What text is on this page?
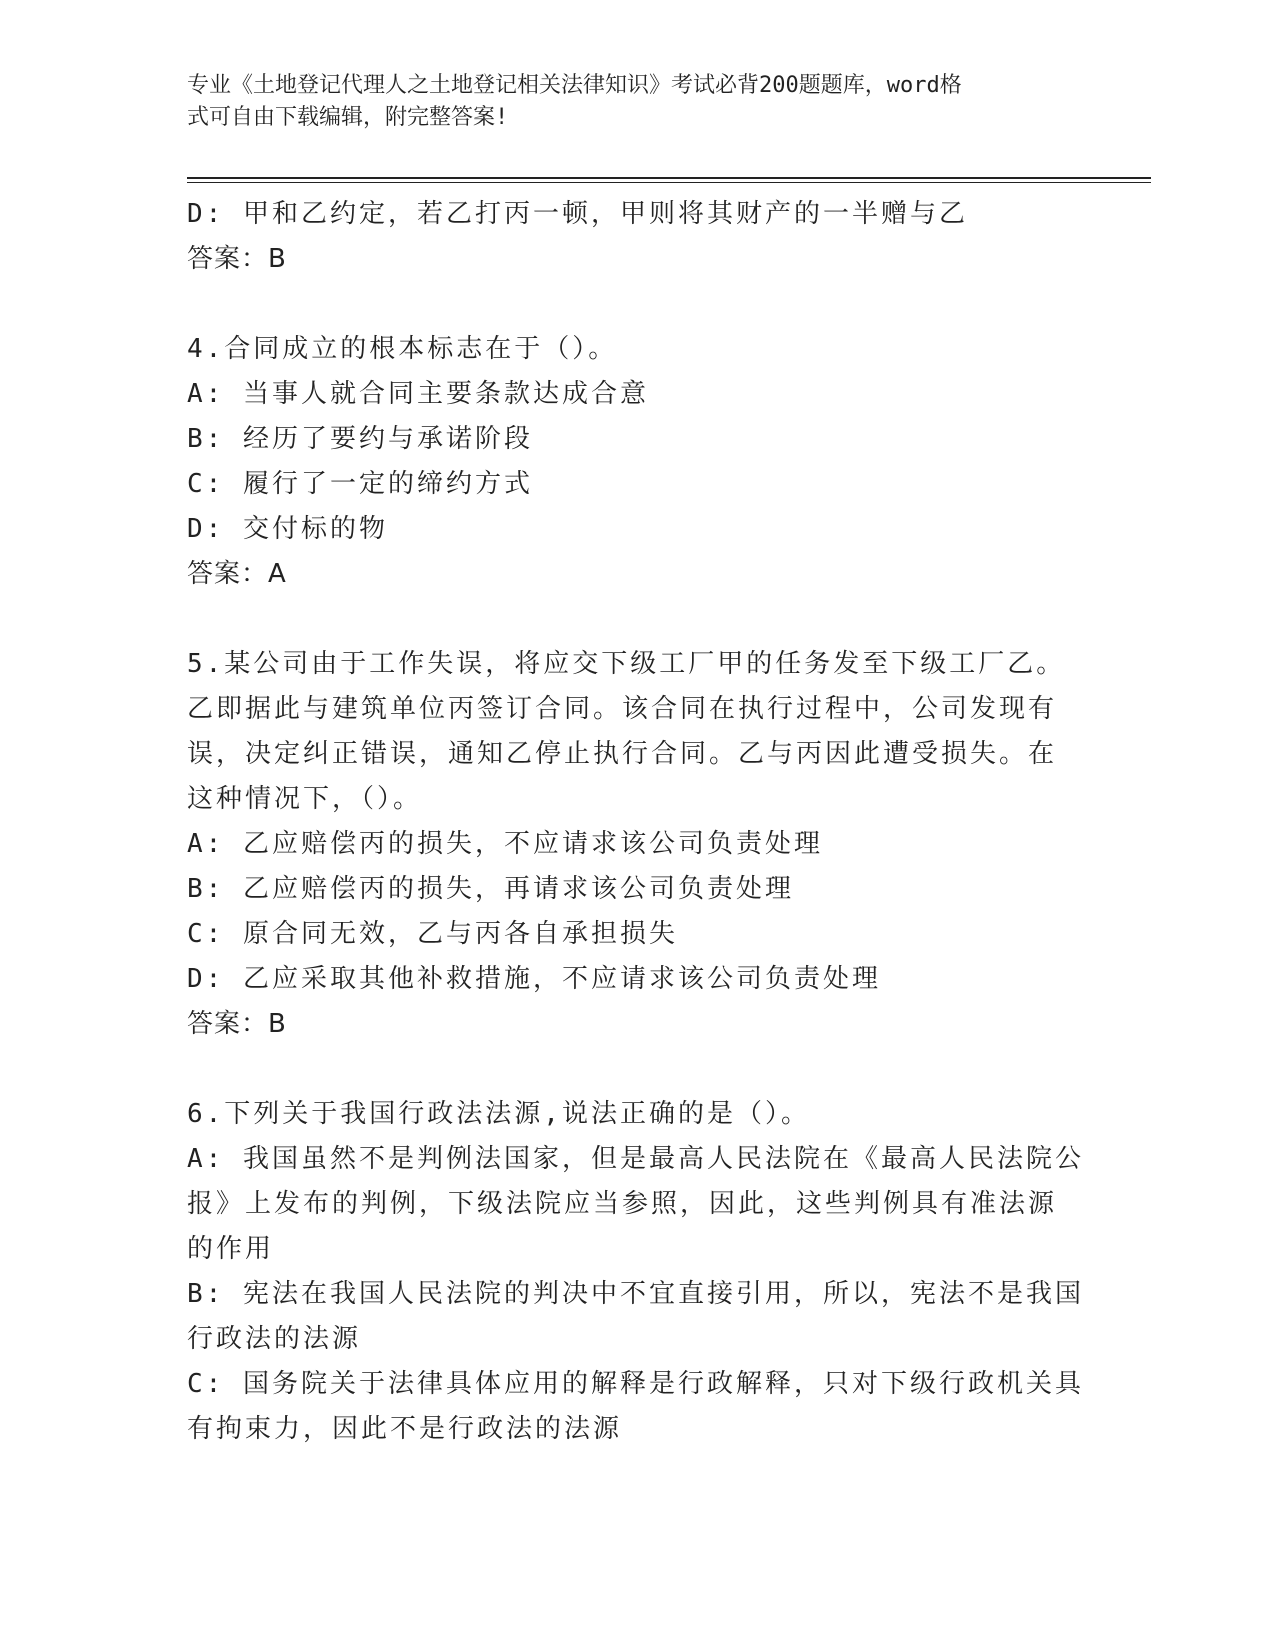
专业《土地登记代理人之土地登记相关法律知识》考试必背200题题库，word格
式可自由下载编辑，附完整答案!
D: 甲和乙约定，若乙打丙一顿，甲则将其财产的一半赠与乙
答案：B
4.合同成立的根本标志在于（）。
A: 当事人就合同主要条款达成合意
B: 经历了要约与承诺阶段
C: 履行了一定的缔约方式
D: 交付标的物
答案：A
5.某公司由于工作失误，将应交下级工厂甲的任务发至下级工厂乙。
乙即据此与建筑单位丙签订合同。该合同在执行过程中，公司发现有
误，决定纠正错误，通知乙停止执行合同。乙与丙因此遭受损失。在
这种情况下，（）。
A: 乙应赔偿丙的损失，不应请求该公司负责处理
B: 乙应赔偿丙的损失，再请求该公司负责处理
C: 原合同无效，乙与丙各自承担损失
D: 乙应采取其他补救措施，不应请求该公司负责处理
答案：B
6.下列关于我国行政法法源,说法正确的是（）。
A: 我国虽然不是判例法国家，但是最高人民法院在《最高人民法院公
报》上发布的判例，下级法院应当参照，因此，这些判例具有准法源
的作用
B: 宪法在我国人民法院的判决中不宜直接引用，所以，宪法不是我国
行政法的法源
C: 国务院关于法律具体应用的解释是行政解释，只对下级行政机关具
有拘束力，因此不是行政法的法源
